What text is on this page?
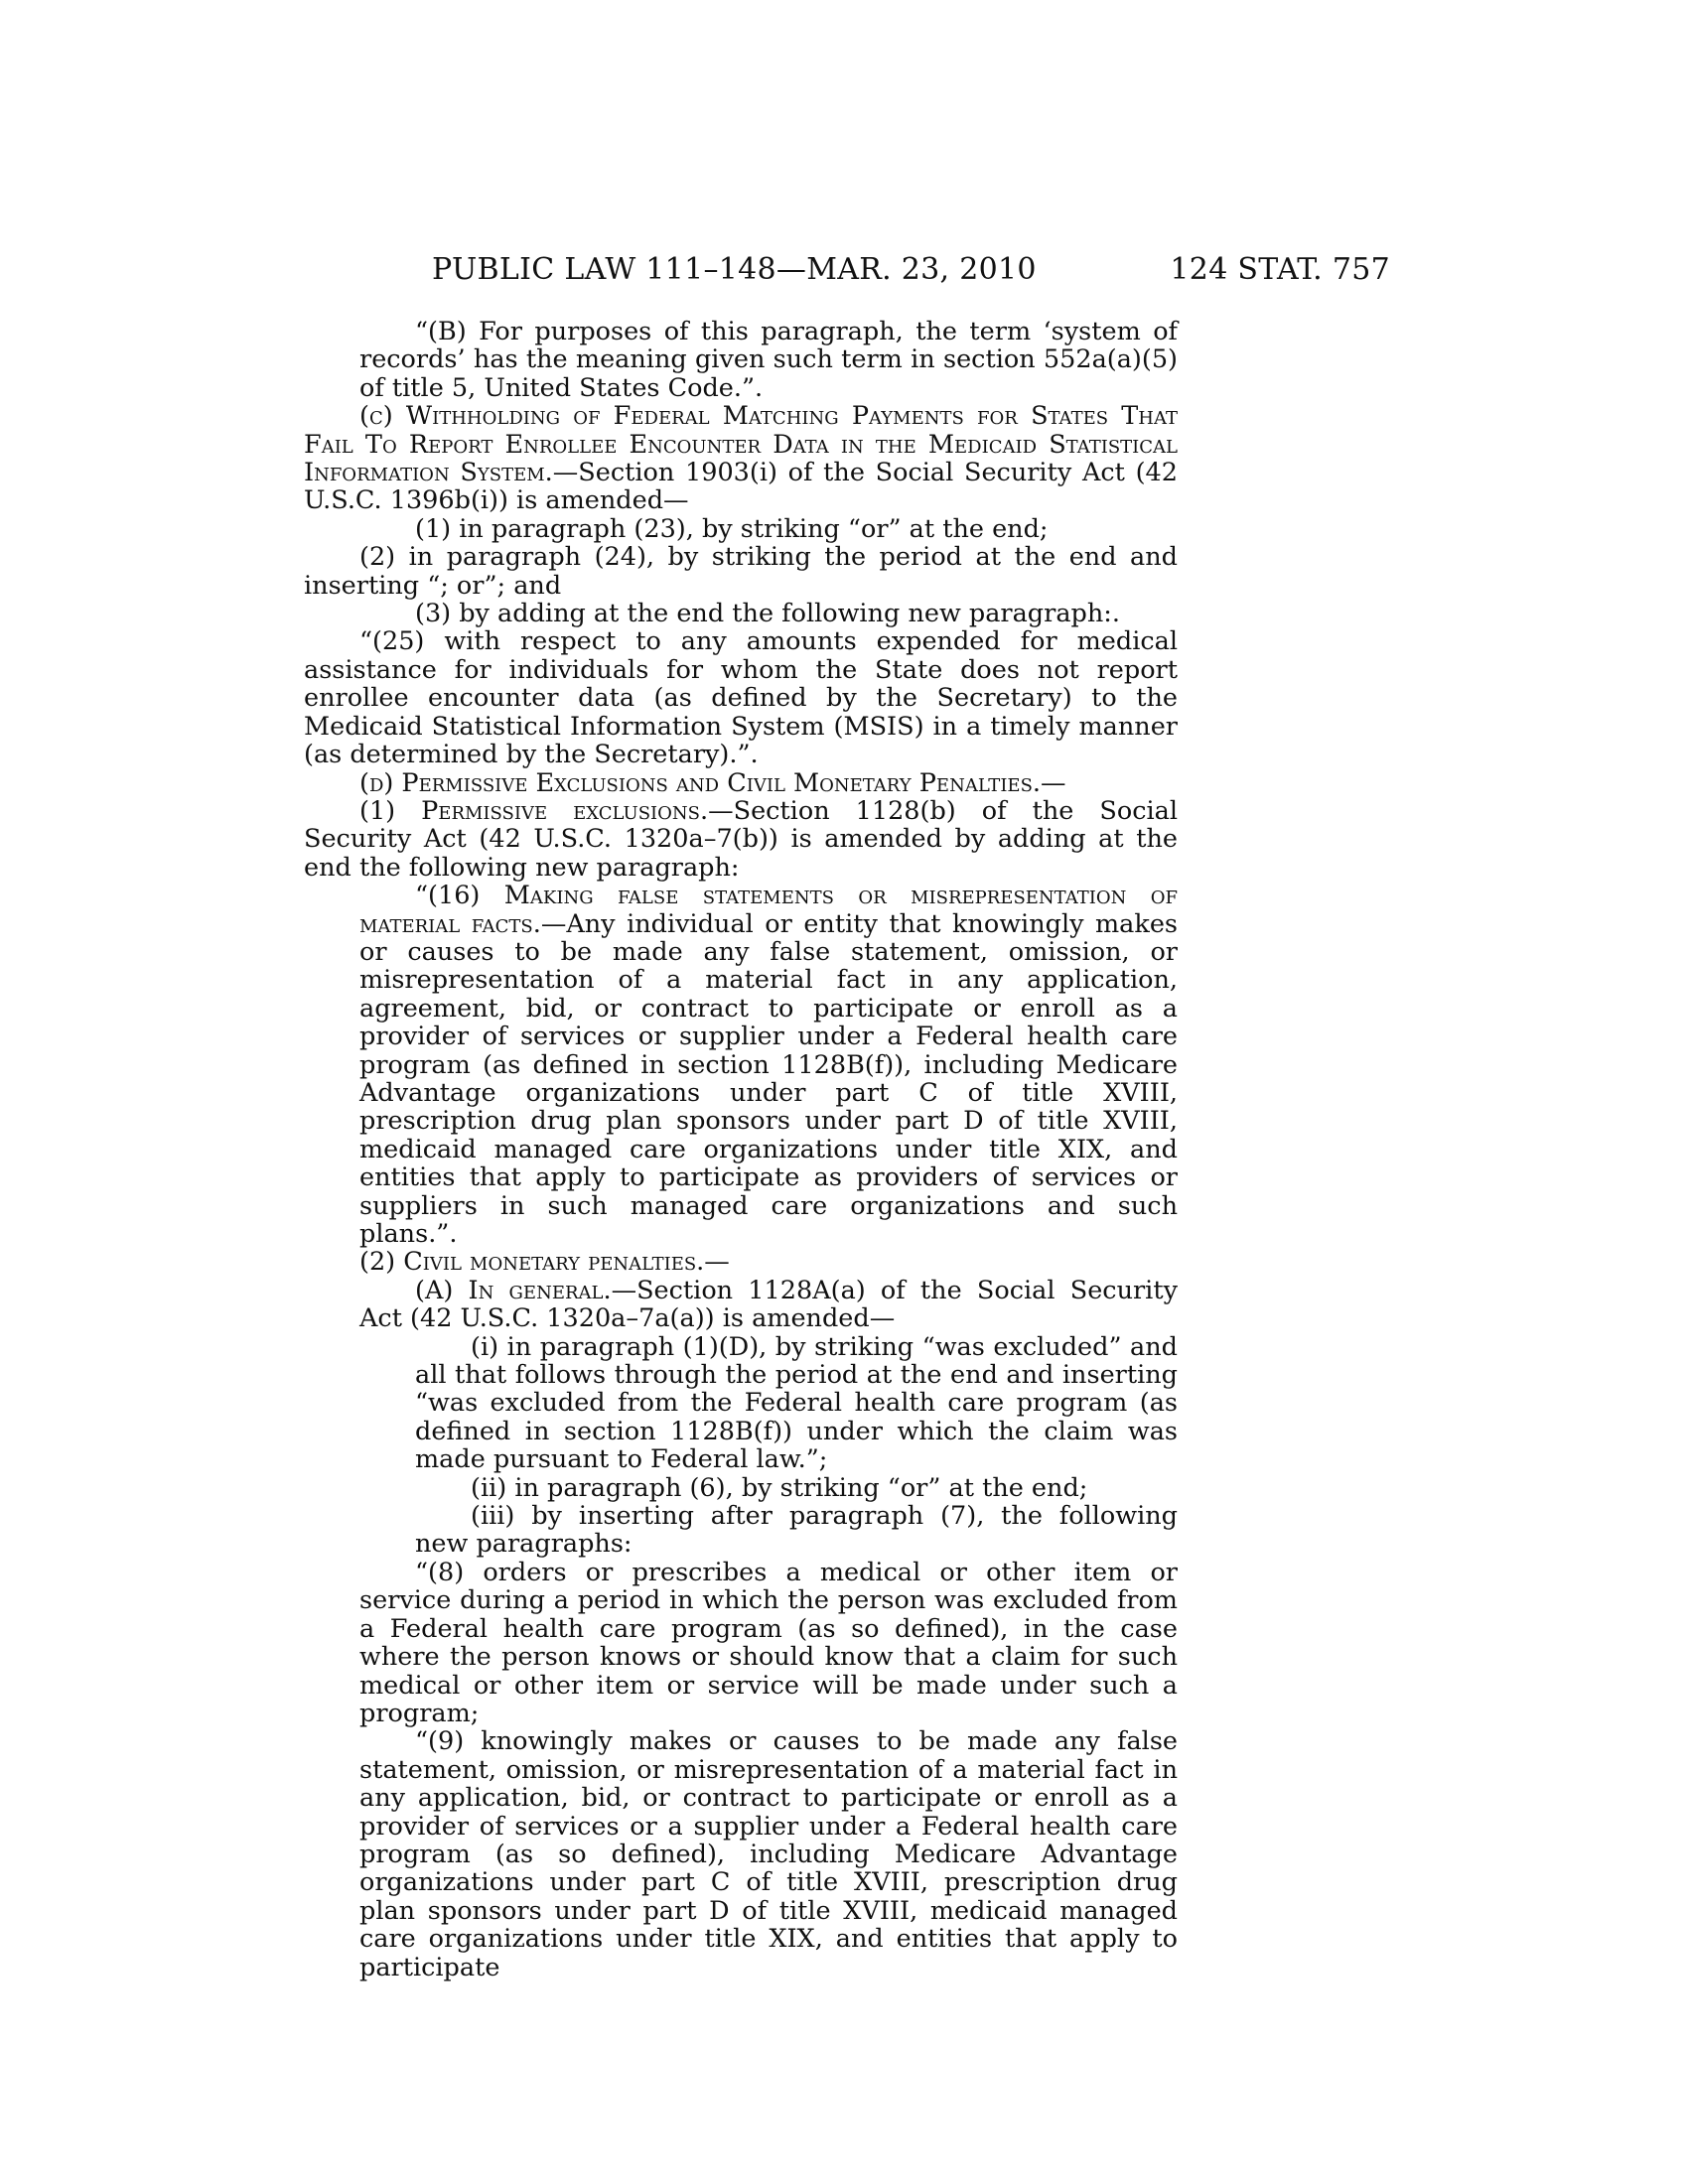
PUBLIC LAW 111–148—MAR. 23, 2010	124 STAT. 757

“(B) For purposes of this paragraph, the term ‘system of records’ has the meaning given such term in section 552a(a)(5) of title 5, United States Code.”.

(c) Withholding of Federal Matching Payments for States That Fail To Report Enrollee Encounter Data in the Medicaid Statistical Information System.—Section 1903(i) of the Social Security Act (42 U.S.C. 1396b(i)) is amended—

(1) in paragraph (23), by striking “or” at the end;

(2) in paragraph (24), by striking the period at the end and inserting “; or”; and

(3) by adding at the end the following new paragraph:.

“(25) with respect to any amounts expended for medical assistance for individuals for whom the State does not report enrollee encounter data (as defined by the Secretary) to the Medicaid Statistical Information System (MSIS) in a timely manner (as determined by the Secretary).”.

(d) Permissive Exclusions and Civil Monetary Penalties.—

(1) Permissive exclusions.—Section 1128(b) of the Social Security Act (42 U.S.C. 1320a–7(b)) is amended by adding at the end the following new paragraph:

“(16) Making false statements or misrepresentation of material facts.—Any individual or entity that knowingly makes or causes to be made any false statement, omission, or misrepresentation of a material fact in any application, agreement, bid, or contract to participate or enroll as a provider of services or supplier under a Federal health care program (as defined in section 1128B(f)), including Medicare Advantage organizations under part C of title XVIII, prescription drug plan sponsors under part D of title XVIII, medicaid managed care organizations under title XIX, and entities that apply to participate as providers of services or suppliers in such managed care organizations and such plans.”.

(2) Civil monetary penalties.—

(A) In general.—Section 1128A(a) of the Social Security Act (42 U.S.C. 1320a–7a(a)) is amended—

(i) in paragraph (1)(D), by striking “was excluded” and all that follows through the period at the end and inserting “was excluded from the Federal health care program (as defined in section 1128B(f)) under which the claim was made pursuant to Federal law.”;

(ii) in paragraph (6), by striking “or” at the end;

(iii) by inserting after paragraph (7), the following new paragraphs:

“(8) orders or prescribes a medical or other item or service during a period in which the person was excluded from a Federal health care program (as so defined), in the case where the person knows or should know that a claim for such medical or other item or service will be made under such a program;

“(9) knowingly makes or causes to be made any false statement, omission, or misrepresentation of a material fact in any application, bid, or contract to participate or enroll as a provider of services or a supplier under a Federal health care program (as so defined), including Medicare Advantage organizations under part C of title XVIII, prescription drug plan sponsors under part D of title XVIII, medicaid managed care organizations under title XIX, and entities that apply to participate
